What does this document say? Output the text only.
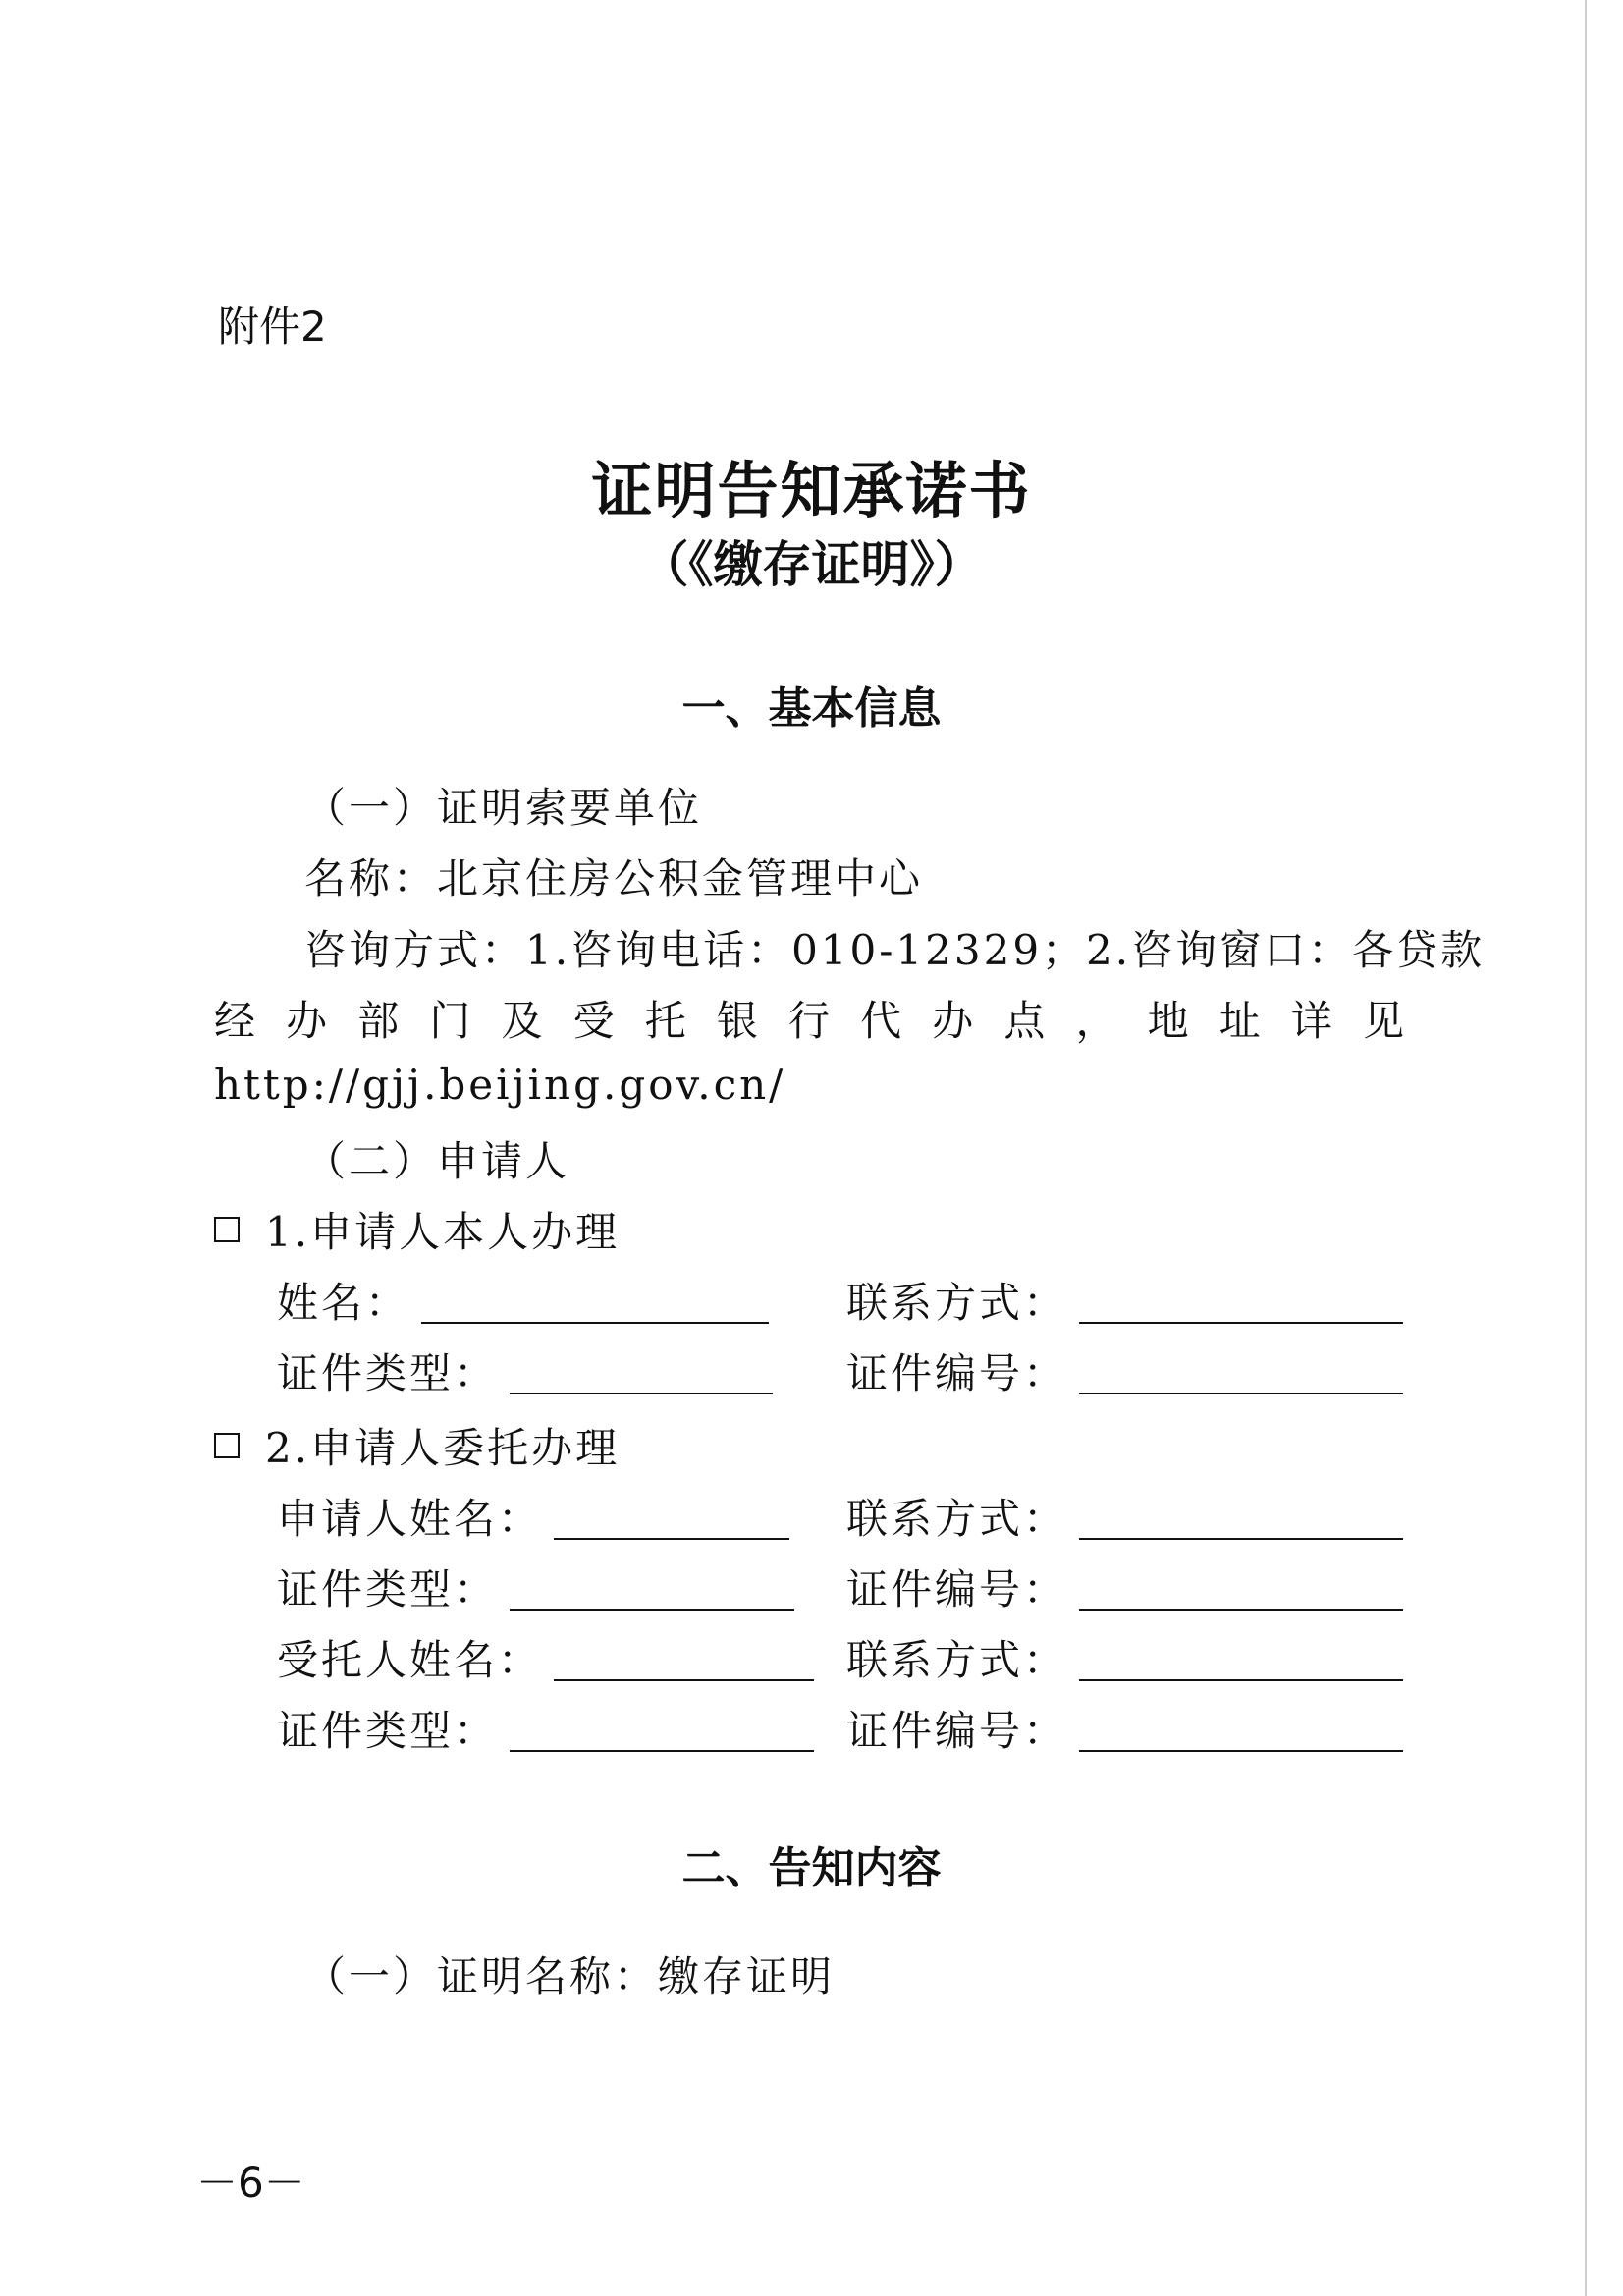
附件2
证明告知承诺书
（《缴存证明》）
一、基本信息
（一）证明索要单位
名称：北京住房公积金管理中心
咨询方式：1.咨询电话：010-12329；2.咨询窗口：各贷款
经办部门及受托银行代办点，地址详见
http://gjj.beijing.gov.cn/
（二）申请人
1.申请人本人办理
姓名：	联系方式：
证件类型：	证件编号：
2.申请人委托办理
申请人姓名：	联系方式：
证件类型：	证件编号：
受托人姓名：	联系方式：
证件类型：	证件编号：
二、告知内容
（一）证明名称：缴存证明
－6－
